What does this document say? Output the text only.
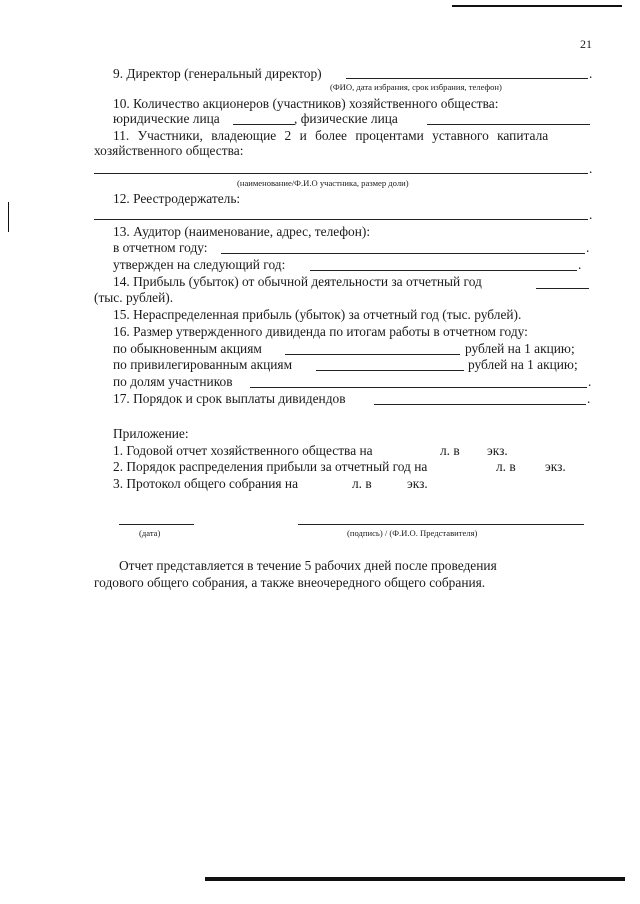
21
9. Директор (генеральный директор)	.
(ФИО, дата избрания, срок избрания, телефон)
10. Количество акционеров (участников) хозяйственного общества:
юридические лица	, физические лица
11. Участники, владеющие 2 и более процентами уставного капитала
хозяйственного общества:
.
(наименование/Ф.И.О участника, размер доли)
12. Реестродержатель:
.
13. Аудитор (наименование, адрес, телефон):
в отчетном году:	.
утвержден на следующий год:	.
14. Прибыль (убыток) от обычной деятельности за отчетный год
(тыс. рублей).
15. Нераспределенная прибыль (убыток) за отчетный год (тыс. рублей).
16. Размер утвержденного дивиденда по итогам работы в отчетном году:
по обыкновенным акциям	рублей на 1 акцию;
по привилегированным акциям	рублей на 1 акцию;
по долям участников	.
17. Порядок и срок выплаты дивидендов	.
Приложение:
1. Годовой отчет хозяйственного общества на	л. в экз.
2. Порядок распределения прибыли за отчетный год на	л. в экз.
3. Протокол общего собрания на	л. в	экз.
(дата)	(подпись) / (Ф.И.О. Представителя)
Отчет представляется в течение 5 рабочих дней после проведения
годового общего собрания, а также внеочередного общего собрания.
